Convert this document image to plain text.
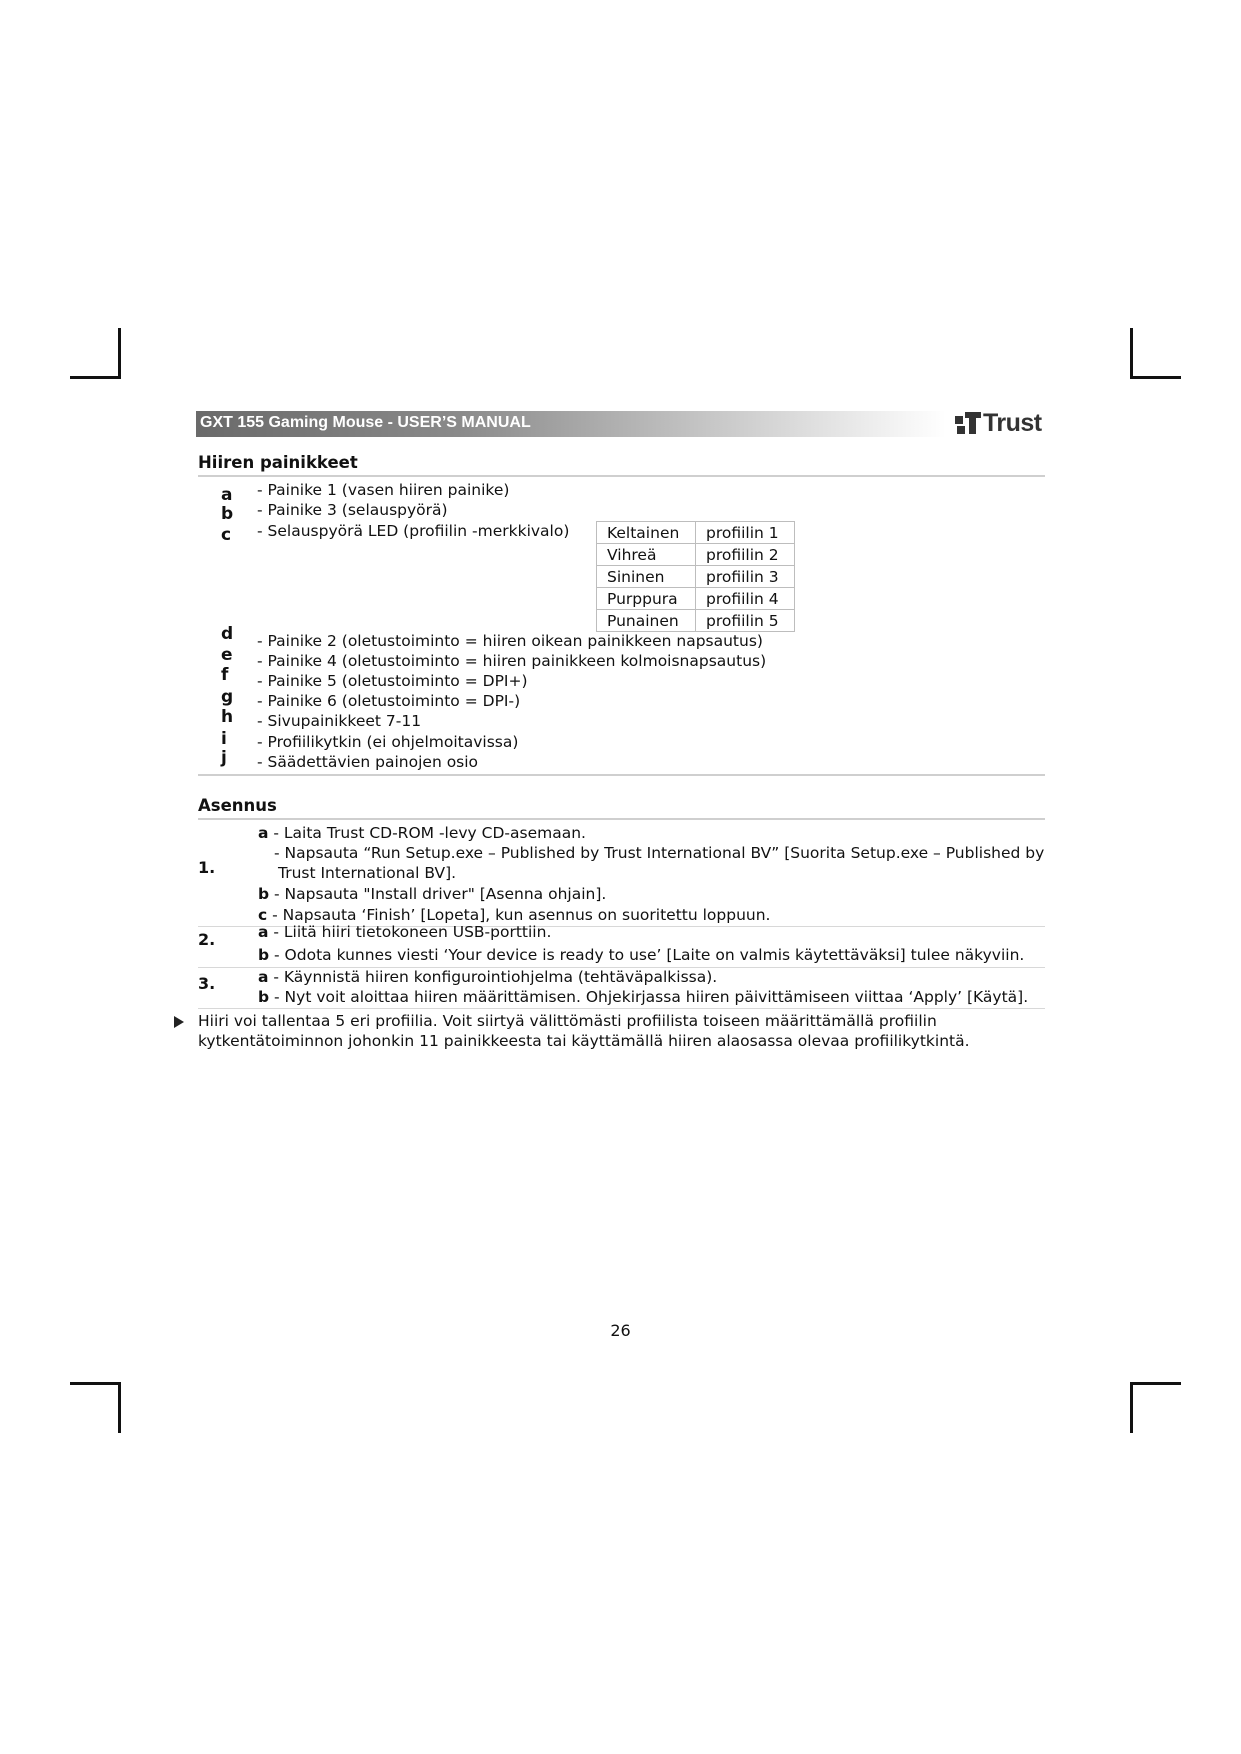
GXT 155 Gaming Mouse - USER’S MANUAL	Trust
Hiiren painikkeet
a - Painike 1 (vasen hiiren painike)
b - Painike 3 (selauspyörä)
c - Selauspyörä LED (profiilin -merkkivalo) Keltainen	profiilin 1
Vihreä	profiilin 2
Sininen	profiilin 3
Purppura	profiilin 4
Punainen	profiilin 5
d - Painike 2 (oletustoiminto = hiiren oikean painikkeen napsautus)
e - Painike 4 (oletustoiminto = hiiren painikkeen kolmoisnapsautus)
f - Painike 5 (oletustoiminto = DPI+)
g - Painike 6 (oletustoiminto = DPI-)
h - Sivupainikkeet 7-11
i - Profiilikytkin (ei ohjelmoitavissa)
j - Säädettävien painojen osio
Asennus
1.
a - Laita Trust CD-ROM -levy CD-asemaan.
- Napsauta “Run Setup.exe – Published by Trust International BV” [Suorita Setup.exe – Published by
Trust International BV].
b - Napsauta "Install driver" [Asenna ohjain].
c - Napsauta ‘Finish’ [Lopeta], kun asennus on suoritettu loppuun.
2.	a - Liitä hiiri tietokoneen USB-porttiin.
b - Odota kunnes viesti ‘Your device is ready to use’ [Laite on valmis käytettäväksi] tulee näkyviin.
3.	a - Käynnistä hiiren konfigurointiohjelma (tehtäväpalkissa).
b - Nyt voit aloittaa hiiren määrittämisen. Ohjekirjassa hiiren päivittämiseen viittaa ‘Apply’ [Käytä].
Hiiri voi tallentaa 5 eri profiilia. Voit siirtyä välittömästi profiilista toiseen määrittämällä profiilin
kytkentätoiminnon johonkin 11 painikkeesta tai käyttämällä hiiren alaosassa olevaa profiilikytkintä.
26
